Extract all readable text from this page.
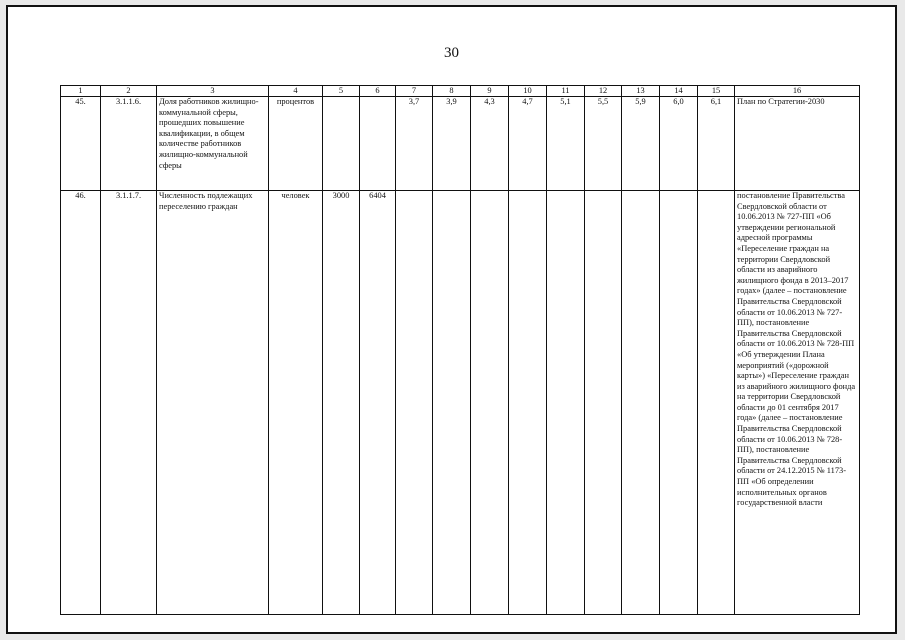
30
1	2	3	4	5	6	7	8	9	10	11	12	13	14	15	16
45.	3.1.1.6.	Доля работников жилищно-коммунальной сферы, прошедших повышение квалификации, в общем количестве работников жилищно-коммунальной сферы	процентов			3,7	3,9	4,3	4,7	5,1	5,5	5,9	6,0	6,1	План по Стратегии-2030
46.	3.1.1.7.	Численность подлежащих переселению граждан	человек	3000	6404										постановление Правительства Свердловской области от 10.06.2013 № 727-ПП «Об утверждении региональной адресной программы «Переселение граждан на территории Свердловской области из аварийного жилищного фонда в 2013–2017 годах» (далее – постановление Правительства Свердловской области от 10.06.2013 № 727-ПП), постановление Правительства Свердловской области от 10.06.2013 № 728-ПП «Об утверждении Плана мероприятий («дорожной карты») «Переселение граждан из аварийного жилищного фонда на территории Свердловской области до 01 сентября 2017 года» (далее – постановление Правительства Свердловской области от 10.06.2013 № 728-ПП), постановление Правительства Свердловской области от 24.12.2015 № 1173-ПП «Об определении исполнительных органов государственной власти
